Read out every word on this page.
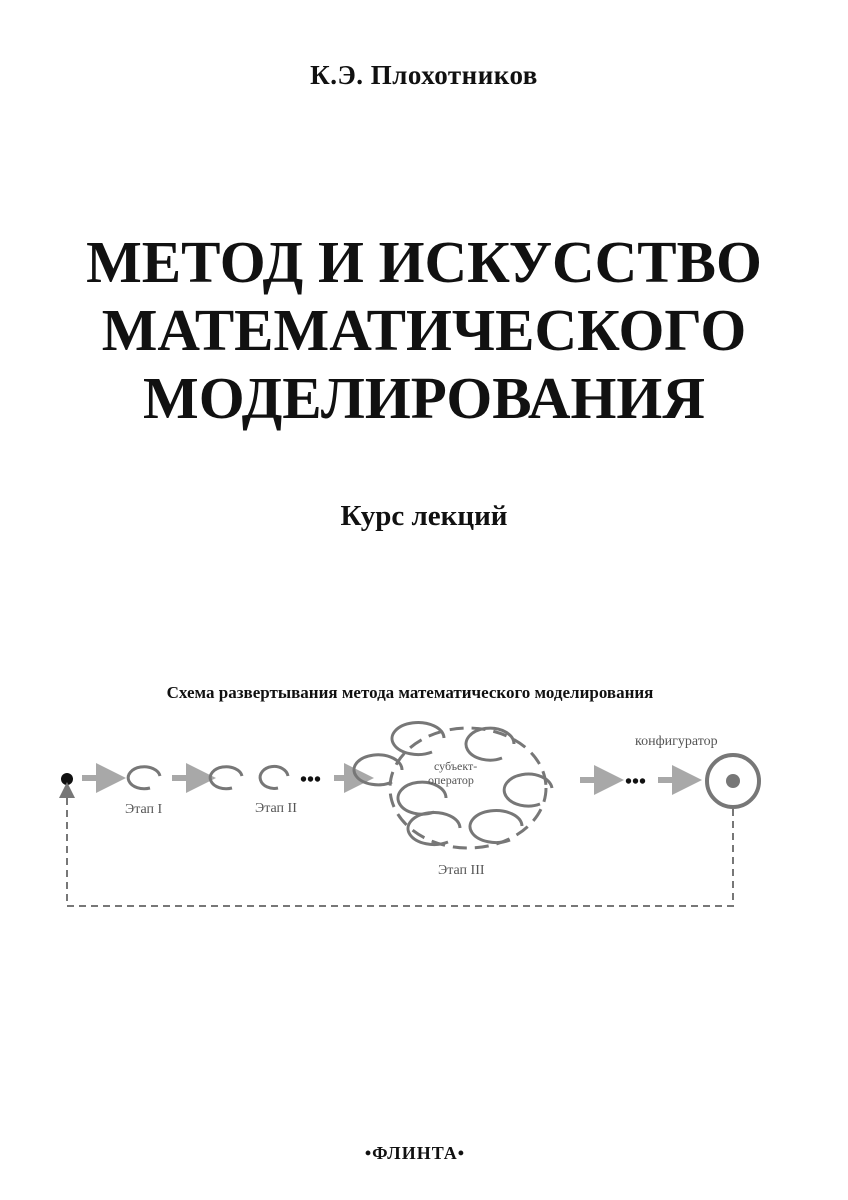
К.Э. Плохотников
МЕТОД И ИСКУССТВО
МАТЕМАТИЧЕСКОГО
МОДЕЛИРОВАНИЯ
Курс лекций
Схема развертывания метода математического моделирования
•••
субъект-
оператор	•••
конфигуратор
Этап I	Этап II
Этап III
•ФЛИНТА•
